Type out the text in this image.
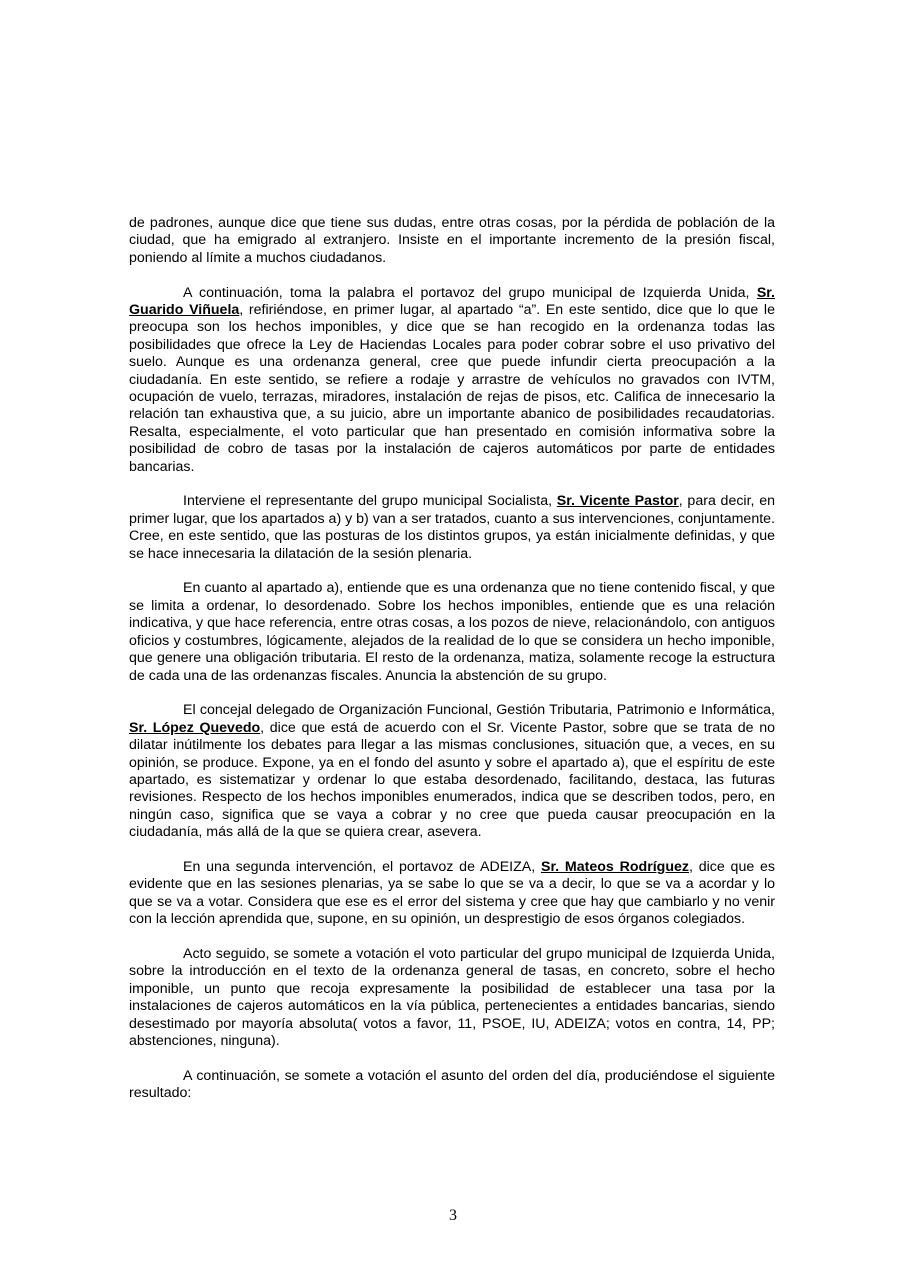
de padrones, aunque dice que tiene sus dudas, entre otras cosas, por la pérdida de población de la ciudad, que ha emigrado al extranjero. Insiste en el importante incremento de la presión fiscal, poniendo al límite a muchos ciudadanos.

A continuación, toma la palabra el portavoz del grupo municipal de Izquierda Unida, Sr. Guarido Viñuela, refiriéndose, en primer lugar, al apartado “a”. En este sentido, dice que lo que le preocupa son los hechos imponibles, y dice que se han recogido en la ordenanza todas las posibilidades que ofrece la Ley de Haciendas Locales para poder cobrar sobre el uso privativo del suelo. Aunque es una ordenanza general, cree que puede infundir cierta preocupación a la ciudadanía. En este sentido, se refiere a rodaje y arrastre de vehículos no gravados con IVTM, ocupación de vuelo, terrazas, miradores, instalación de rejas de pisos, etc. Califica de innecesario la relación tan exhaustiva que, a su juicio, abre un importante abanico de posibilidades recaudatorias. Resalta, especialmente, el voto particular que han presentado en comisión informativa sobre la posibilidad de cobro de tasas por la instalación de cajeros automáticos por parte de entidades bancarias.

Interviene el representante del grupo municipal Socialista, Sr. Vicente Pastor, para decir, en primer lugar, que los apartados a) y b) van a ser tratados, cuanto a sus intervenciones, conjuntamente. Cree, en este sentido, que las posturas de los distintos grupos, ya están inicialmente definidas, y que se hace innecesaria la dilatación de la sesión plenaria.

En cuanto al apartado a), entiende que es una ordenanza que no tiene contenido fiscal, y que se limita a ordenar, lo desordenado. Sobre los hechos imponibles, entiende que es una relación indicativa, y que hace referencia, entre otras cosas, a los pozos de nieve, relacionándolo, con antiguos oficios y costumbres, lógicamente, alejados de la realidad de lo que se considera un hecho imponible, que genere una obligación tributaria. El resto de la ordenanza, matiza, solamente recoge la estructura de cada una de las ordenanzas fiscales. Anuncia la abstención de su grupo.

El concejal delegado de Organización Funcional, Gestión Tributaria, Patrimonio e Informática, Sr. López Quevedo, dice que está de acuerdo con el Sr. Vicente Pastor, sobre que se trata de no dilatar inútilmente los debates para llegar a las mismas conclusiones, situación que, a veces, en su opinión, se produce. Expone, ya en el fondo del asunto y sobre el apartado a), que el espíritu de este apartado, es sistematizar y ordenar lo que estaba desordenado, facilitando, destaca, las futuras revisiones. Respecto de los hechos imponibles enumerados, indica que se describen todos, pero, en ningún caso, significa que se vaya a cobrar y no cree que pueda causar preocupación en la ciudadanía, más allá de la que se quiera crear, asevera.

En una segunda intervención, el portavoz de ADEIZA, Sr. Mateos Rodríguez, dice que es evidente que en las sesiones plenarias, ya se sabe lo que se va a decir, lo que se va a acordar y lo que se va a votar. Considera que ese es el error del sistema y cree que hay que cambiarlo y no venir con la lección aprendida que, supone, en su opinión, un desprestigio de esos órganos colegiados.

Acto seguido, se somete a votación el voto particular del grupo municipal de Izquierda Unida, sobre la introducción en el texto de la ordenanza general de tasas, en concreto, sobre el hecho imponible, un punto que recoja expresamente la posibilidad de establecer una tasa por la instalaciones de cajeros automáticos en la vía pública, pertenecientes a entidades bancarias, siendo desestimado por mayoría absoluta( votos a favor, 11, PSOE, IU, ADEIZA; votos en contra, 14, PP; abstenciones, ninguna).

A continuación, se somete a votación el asunto del orden del día, produciéndose el siguiente resultado:

3
